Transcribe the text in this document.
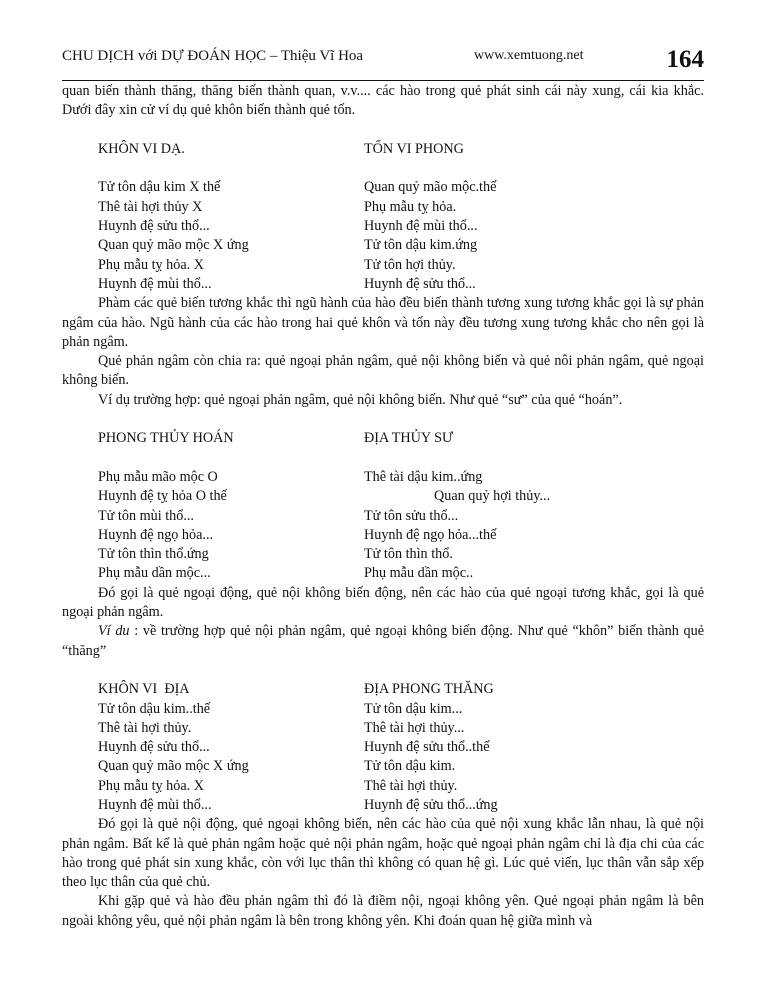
CHU DỊCH với DỰ ĐOÁN HỌC – Thiệu Vĩ Hoa	www.xemtuong.net	164

quan biến thành thăng, thăng biến thành quan, v.v.... các hào trong quẻ phát sinh cái này xung, cái kia khắc. Dưới đây xin cử ví dụ quẻ khôn biến thành quẻ tốn.

KHÔN VI DẠ.	TỐN VI PHONG
Tử tôn dậu kim X thế	Quan quỷ mão mộc.thế
Thê tài hợi thủy X	Phụ mẫu tỵ hỏa.
Huynh đệ sửu thổ...	Huynh đệ mùi thổ...
Quan quỷ mão mộc X ứng	Tử tôn dậu kim.ứng
Phụ mẫu tỵ hỏa. X	Tử tôn hợi thủy.
Huynh đệ mùi thổ...	Huynh đệ sửu thổ...

Phàm các quẻ biến tương khắc thì ngũ hành của hào đều biến thành tương xung tương khắc gọi là sự phản ngâm của hào. Ngũ hành của các hào trong hai quẻ khôn và tốn này đều tương xung tương khắc cho nên gọi là phản ngâm.

Quẻ phản ngâm còn chia ra: quẻ ngoại phản ngâm, quẻ nội không biến và quẻ nôi phản ngâm, quẻ ngoại không biến.

Ví dụ trường hợp: quẻ ngoại phản ngâm, quẻ nội không biến. Như quẻ “sư” của quẻ “hoán”.

PHONG THỦY HOÁN	ĐỊA THỦY SƯ
Phụ mẫu mão mộc O	Thê tài dậu kim..ứng
Huynh đệ tỵ hỏa O thế	Quan quỷ hợi thủy...
Tử tôn mùi thổ...	Tử tôn sửu thổ...
Huynh đệ ngọ hỏa...	Huynh đệ ngọ hỏa...thế
Tử tôn thìn thổ.ứng	Tử tôn thìn thổ.
Phụ mẫu dần mộc...	Phụ mẫu dần mộc..

Đó gọi là quẻ ngoại động, quẻ nội không biến động, nên các hào của quẻ ngoại tương khắc, gọi là quẻ ngoại phản ngâm.

Ví du : về trường hợp quẻ nội phản ngâm, quẻ ngoại không biến động. Như quẻ “khôn” biến thành quẻ “thăng”

KHÔN VI  ĐỊA	ĐỊA PHONG THĂNG
Tử tôn dậu kim..thế	Tử tôn dậu kim...
Thê tài hợi thủy.	Thê tài hợi thủy...
Huynh đệ sửu thổ...	Huynh đệ sửu thổ..thế
Quan quỷ mão mộc X ứng	Tử tôn dậu kim.
Phụ mẫu tỵ hỏa. X	Thê tài hợi thủy.
Huynh đệ mùi thổ...	Huynh đệ sửu thổ...ứng

Đó gọi là quẻ nội động, quẻ ngoại không biến, nên các hào của quẻ nội xung khắc lẫn nhau, là quẻ nội phản ngâm. Bất kể là quẻ phản ngâm hoặc quẻ nội phản ngâm, hoặc quẻ ngoại phản ngâm chỉ là địa chi của các hào trong quẻ phát sin xung khắc, còn với lục thân thì không có quan hệ gì. Lúc quẻ viến, lục thân vẫn sắp xếp theo lục thân của quẻ chủ.

Khi gặp quẻ và hào đều phản ngâm thì đó là điềm nội, ngoại không yên. Quẻ ngoại phản ngâm là bên ngoài không yêu, quẻ nội phản ngâm là bên trong không yên. Khi đoán quan hệ giữa mình và
